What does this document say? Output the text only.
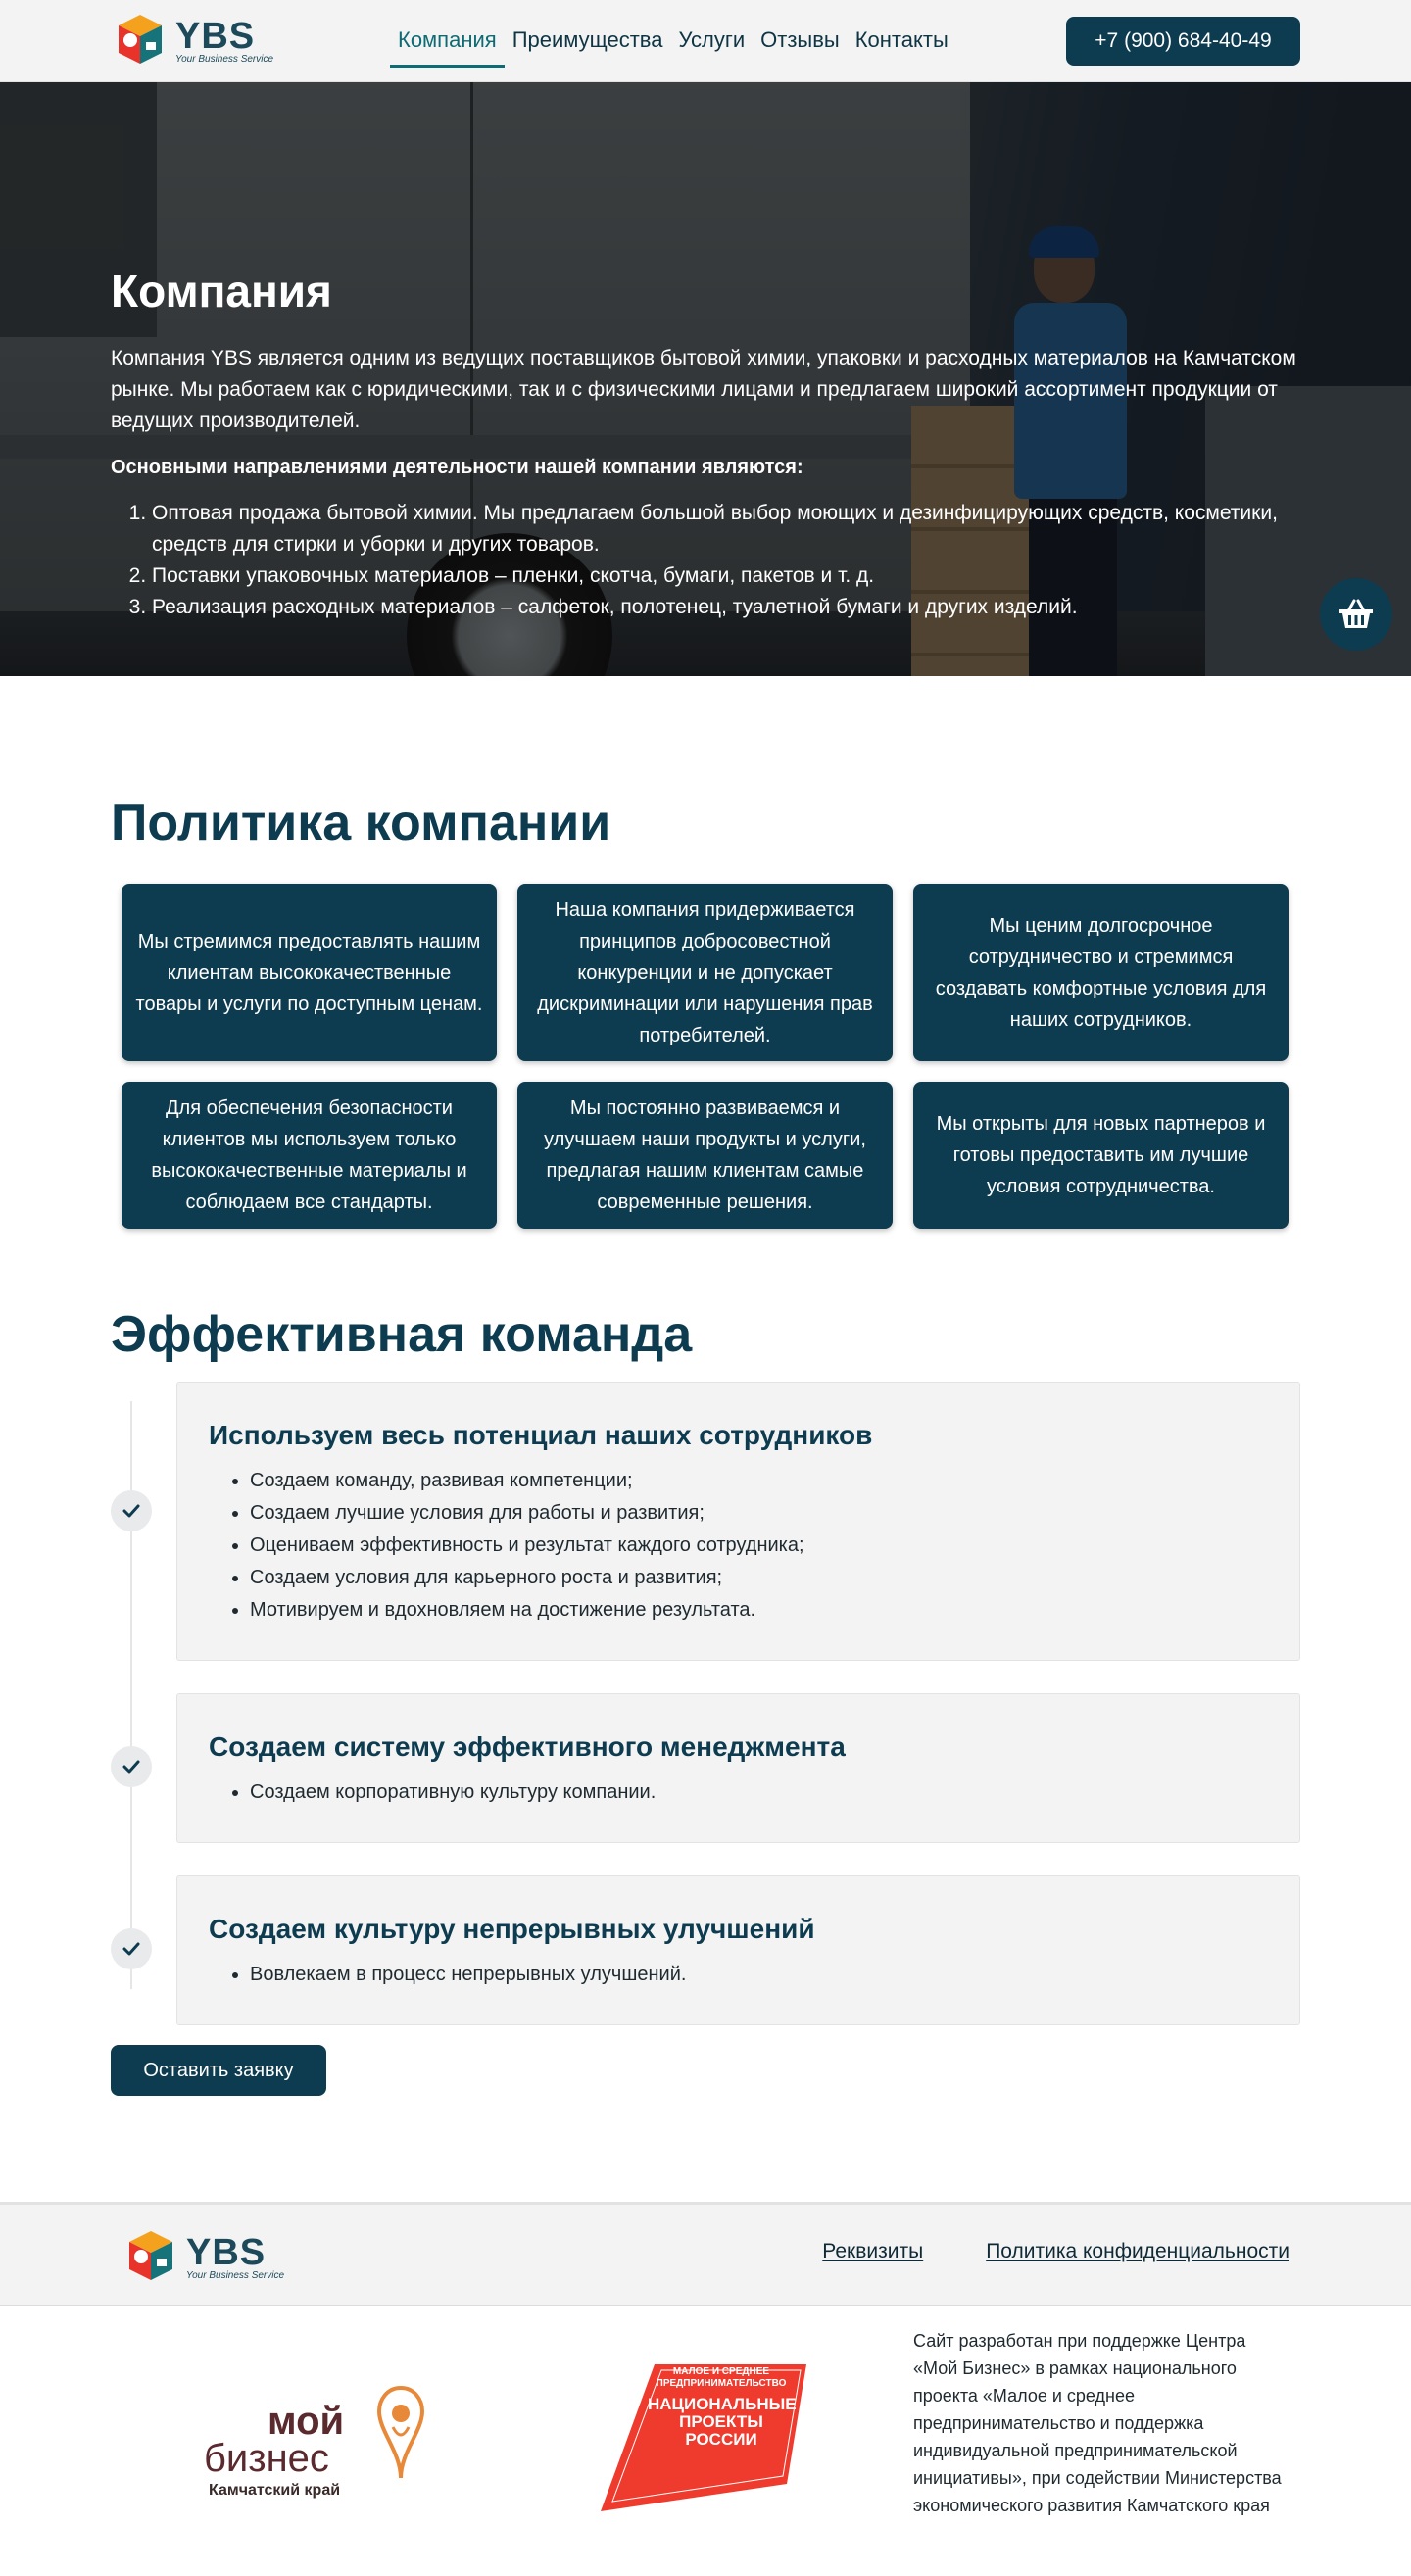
YBS
Your Business Service
Компания Преимущества Услуги Отзывы Контакты	+7 (900) 684-40-49
Компания

Компания YBS является одним из ведущих поставщиков бытовой химии, упаковки и расходных материалов на Камчатском рынке. Мы работаем как с юридическими, так и с физическими лицами и предлагаем широкий ассортимент продукции от ведущих производителей.

Основными направлениями деятельности нашей компании являются:

1. Оптовая продажа бытовой химии. Мы предлагаем большой выбор моющих и дезинфицирующих средств, косметики, средств для стирки и уборки и других товаров.
2. Поставки упаковочных материалов – пленки, скотча, бумаги, пакетов и т. д.
3. Реализация расходных материалов – салфеток, полотенец, туалетной бумаги и других изделий.
Политика компании
Мы стремимся предоставлять нашим клиентам высококачественные товары и услуги по доступным ценам.
Наша компания придерживается принципов добросовестной конкуренции и не допускает дискриминации или нарушения прав потребителей.
Мы ценим долгосрочное сотрудничество и стремимся создавать комфортные условия для наших сотрудников.
Для обеспечения безопасности клиентов мы используем только высококачественные материалы и соблюдаем все стандарты.
Мы постоянно развиваемся и улучшаем наши продукты и услуги, предлагая нашим клиентам самые современные решения.
Мы открыты для новых партнеров и готовы предоставить им лучшие условия сотрудничества.
Эффективная команда
Используем весь потенциал наших сотрудников
• Создаем команду, развивая компетенции;
• Создаем лучшие условия для работы и развития;
• Оцениваем эффективность и результат каждого сотрудника;
• Создаем условия для карьерного роста и развития;
• Мотивируем и вдохновляем на достижение результата.
Создаем систему эффективного менеджмента
• Создаем корпоративную культуру компании.
Создаем культуру непрерывных улучшений
• Вовлекаем в процесс непрерывных улучшений.
Оставить заявку
YBS
Your Business Service
Реквизиты	Политика конфиденциальности
мой
бизнес
Камчатский край
МАЛОЕ И СРЕДНЕЕ
ПРЕДПРИНИМАТЕЛЬСТВО
НАЦИОНАЛЬНЫЕ
ПРОЕКТЫ
РОССИИ

Сайт разработан при поддержке Центра «Мой Бизнес» в рамках национального проекта «Малое и среднее предпринимательство и поддержка индивидуальной предпринимательской инициативы», при содействии Министерства экономического развития Камчатского края
